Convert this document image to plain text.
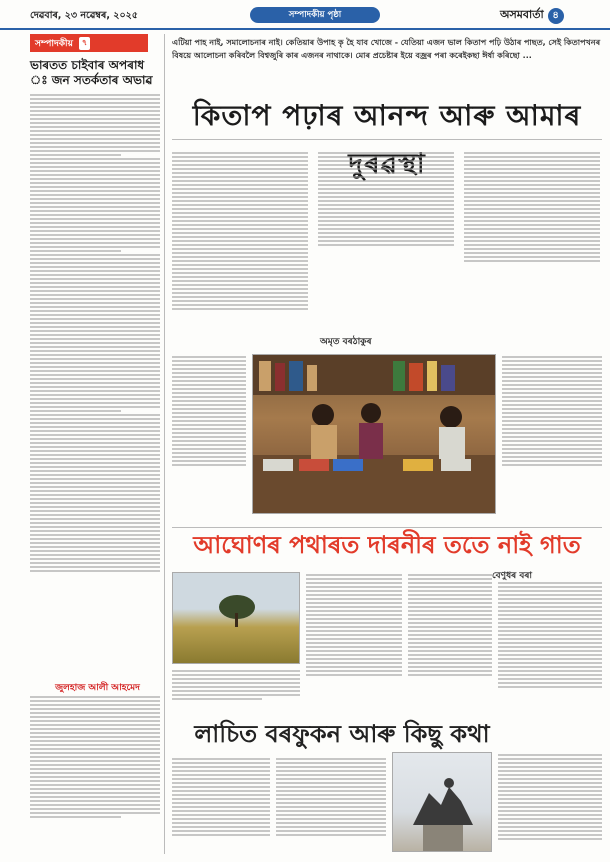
দেৱবাৰ, ২৩ নৱেম্বৰ, ২০২৫	সম্পাদকীয় পৃষ্ঠা	অসমবাৰ্তা ৪
সম্পাদকীয়	৭
ভাৰতত চাইবাৰ অপৰাধ ঃ জন সতৰ্কতাৰ অভাৱ
জুলহাজ আলী আহমেদ
এটিয়া পাহ নাই, সমালোচনাৰ নাই। কেতিয়াৰ উপাহ কৃ হৈ যাব খোজে - যেতিয়া এজন ভাল কিতাপ পঢ়ি উঠাৰ পাছত, সেই কিতাপখনৰ বিষয়ে আলোচনা কৰিবলৈ বিশ্বজুৰি কাৰ এজনৰ নাথাকে। মোৰ প্ৰচেষ্টাৰ ইয়ে বজ্ৰৰ পৰা কৰেইকছা ঈৰ্ষা কৰিছো ...
কিতাপ পঢ়াৰ আনন্দ আৰু আমাৰ
অমৃত বৰঠাকুৰ
আঘোণৰ পথাৰত দাৰনীৰ ততে নাই গাত
বেণুধৰ বৰা
লাচিত বৰফুকন আৰু কিছু কথা
